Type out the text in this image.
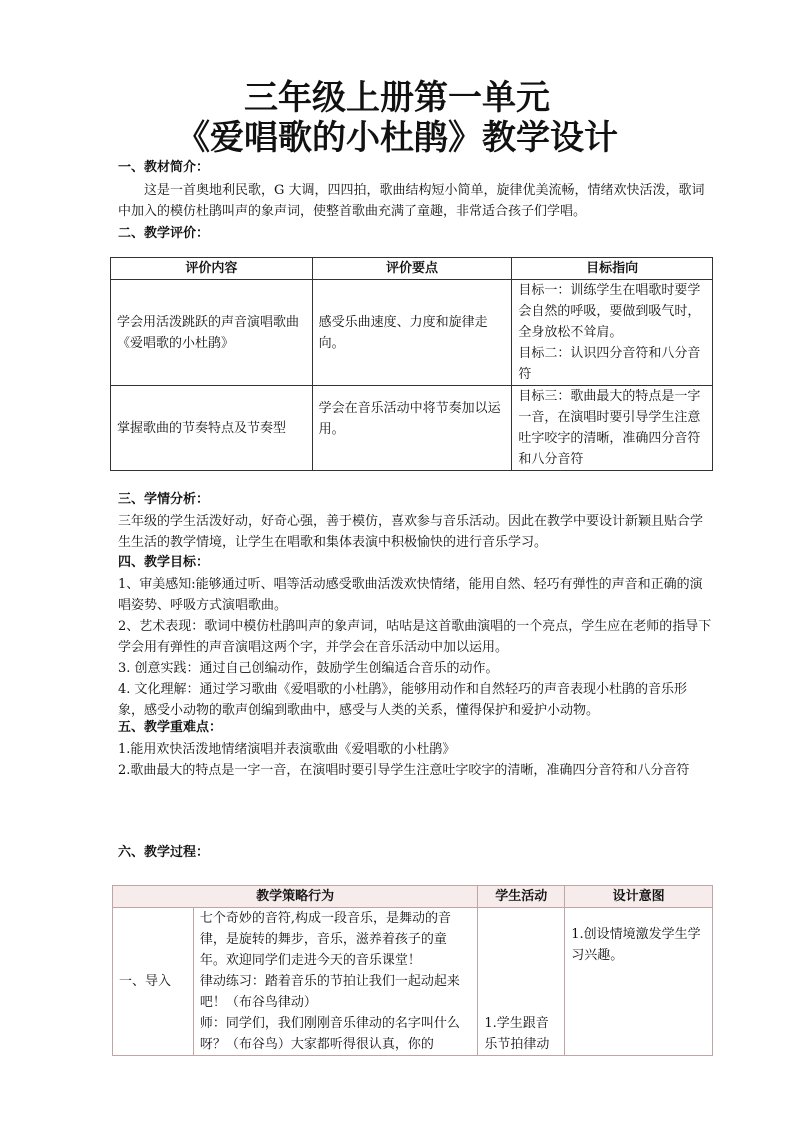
三年级上册第一单元
《爱唱歌的小杜鹃》教学设计
一、教材简介：
这是一首奥地利民歌，G 大调，四四拍，歌曲结构短小简单，旋律优美流畅，情绪欢快活泼，歌词中加入的模仿杜鹃叫声的象声词，使整首歌曲充满了童趣，非常适合孩子们学唱。
二、教学评价：
评价内容	评价要点	目标指向
学会用活泼跳跃的声音演唱歌曲《爱唱歌的小杜鹃》	感受乐曲速度、力度和旋律走向。	目标一：训练学生在唱歌时要学会自然的呼吸，要做到吸气时，全身放松不耸肩。
目标二：认识四分音符和八分音符

掌握歌曲的节奏特点及节奏型	学会在音乐活动中将节奏加以运用。	目标三：歌曲最大的特点是一字一音，在演唱时要引导学生注意吐字咬字的清晰，准确四分音符和八分音符
三、学情分析：
三年级的学生活泼好动，好奇心强，善于模仿，喜欢参与音乐活动。因此在教学中要设计新颖且贴合学生生活的教学情境，让学生在唱歌和集体表演中积极愉快的进行音乐学习。
四、教学目标：
1、审美感知:能够通过听、唱等活动感受歌曲活泼欢快情绪，能用自然、轻巧有弹性的声音和正确的演唱姿势、呼吸方式演唱歌曲。
2、艺术表现：歌词中模仿杜鹃叫声的象声词，咕咕是这首歌曲演唱的一个亮点，学生应在老师的指导下学会用有弹性的声音演唱这两个字，并学会在音乐活动中加以运用。
3. 创意实践：通过自己创编动作，鼓励学生创编适合音乐的动作。
4. 文化理解：通过学习歌曲《爱唱歌的小杜鹃》，能够用动作和自然轻巧的声音表现小杜鹃的音乐形象，感受小动物的歌声创编到歌曲中，感受与人类的关系，懂得保护和爱护小动物。
五、教学重难点：
1.能用欢快活泼地情绪演唱并表演歌曲《爱唱歌的小杜鹃》
2.歌曲最大的特点是一字一音，在演唱时要引导学生注意吐字咬字的清晰，准确四分音符和八分音符
六、教学过程：
教学策略行为		学生活动	设计意图
一、导入	七个奇妙的音符,构成一段音乐，是舞动的音律，是旋转的舞步，音乐，滋养着孩子的童年。欢迎同学们走进今天的音乐课堂！
律动练习：踏着音乐的节拍让我们一起动起来吧！（布谷鸟律动）
师：同学们，我们刚刚音乐律动的名字叫什么呀？（布谷鸟）大家都听得很认真，你的	1.学生跟音乐节拍律动	1.创设情境激发学生学习兴趣。
